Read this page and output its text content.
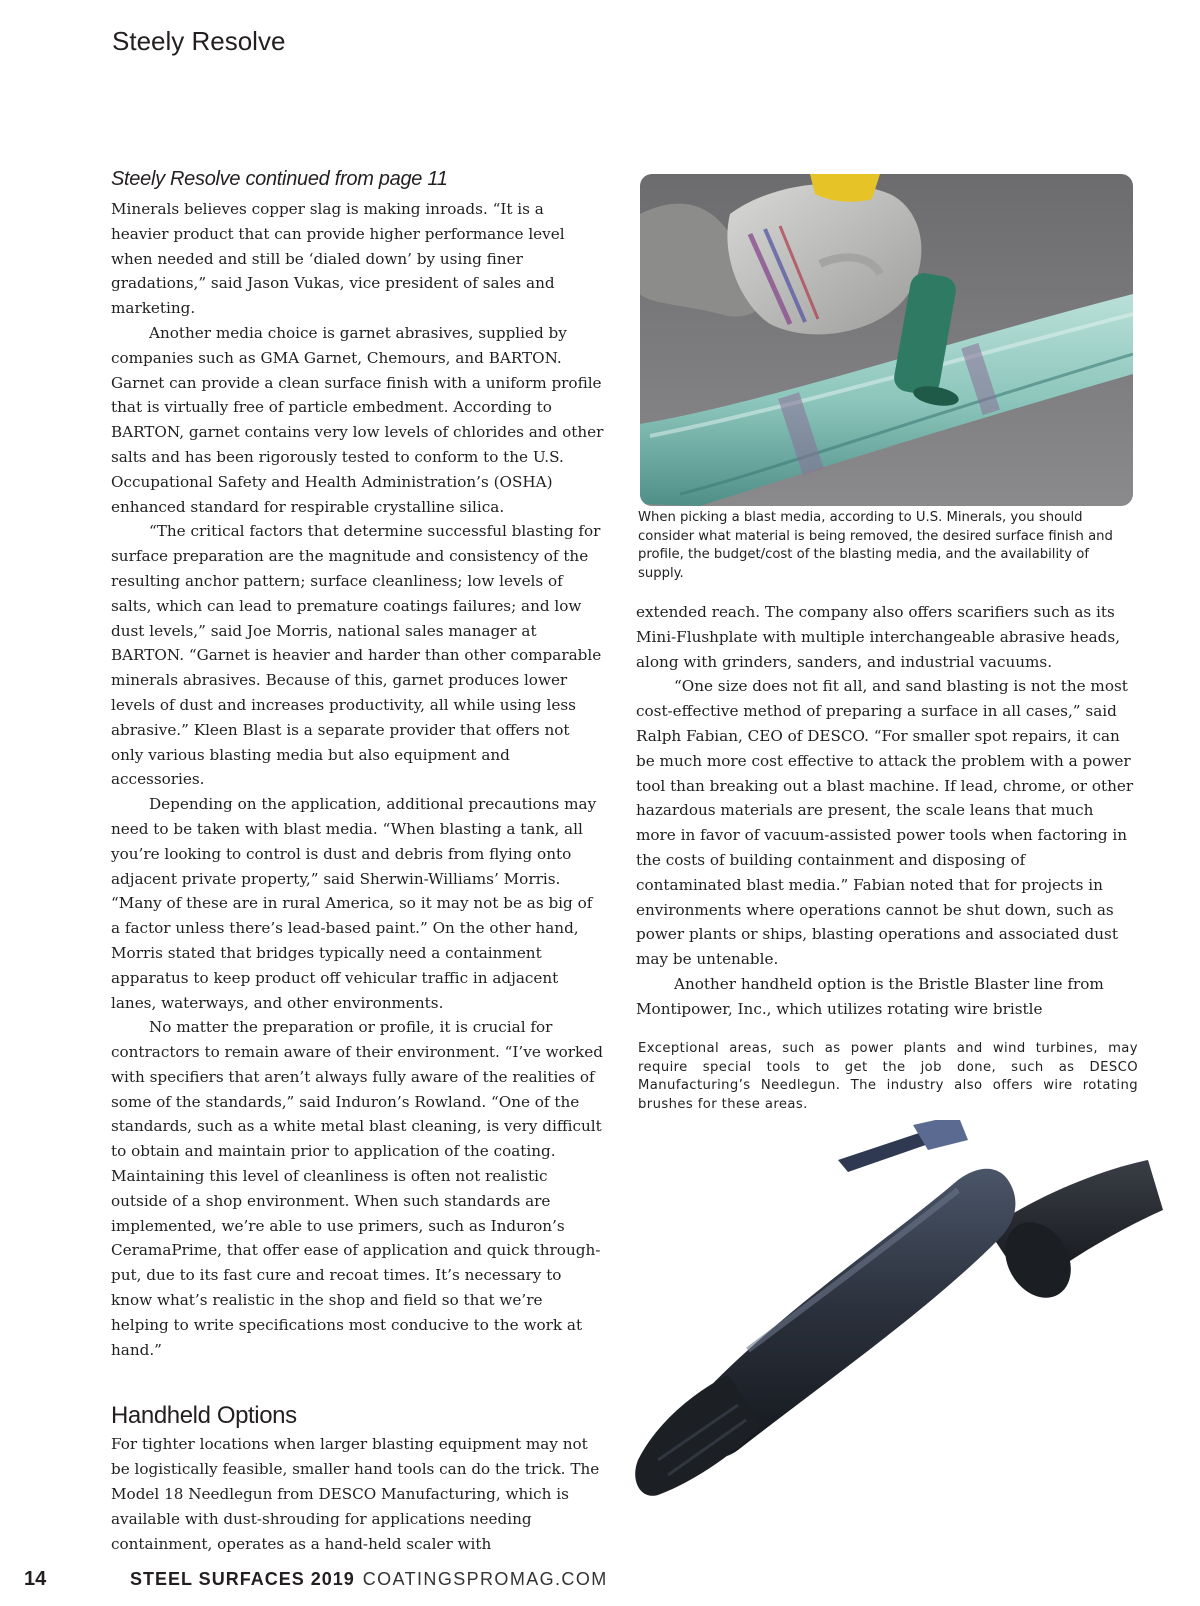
Steely Resolve
Steely Resolve continued from page 11

Minerals believes copper slag is making inroads. “It is a heavier product that can provide higher performance level when needed and still be ‘dialed down’ by using finer gradations,” said Jason Vukas, vice president of sales and marketing.

Another media choice is garnet abrasives, supplied by companies such as GMA Garnet, Chemours, and BARTON. Garnet can provide a clean surface finish with a uniform profile that is virtually free of particle embedment. According to BARTON, garnet contains very low levels of chlorides and other salts and has been rigorously tested to conform to the U.S. Occupational Safety and Health Administration’s (OSHA) enhanced standard for respirable crystalline silica.

“The critical factors that determine successful blasting for surface preparation are the magnitude and consistency of the resulting anchor pattern; surface cleanliness; low levels of salts, which can lead to premature coatings failures; and low dust levels,” said Joe Morris, national sales manager at BARTON. “Garnet is heavier and harder than other comparable minerals abrasives. Because of this, garnet produces lower levels of dust and increases productivity, all while using less abrasive.” Kleen Blast is a separate provider that offers not only various blasting media but also equipment and accessories.

Depending on the application, additional precautions may need to be taken with blast media. “When blasting a tank, all you’re looking to control is dust and debris from flying onto adjacent private property,” said Sherwin-Williams’ Morris. “Many of these are in rural America, so it may not be as big of a factor unless there’s lead-based paint.” On the other hand, Morris stated that bridges typically need a containment apparatus to keep product off vehicular traffic in adjacent lanes, waterways, and other environments.

No matter the preparation or profile, it is crucial for contractors to remain aware of their environment. “I’ve worked with specifiers that aren’t always fully aware of the realities of some of the standards,” said Induron’s Rowland. “One of the standards, such as a white metal blast cleaning, is very difficult to obtain and maintain prior to application of the coating. Maintaining this level of cleanliness is often not realistic outside of a shop environment. When such standards are implemented, we’re able to use primers, such as Induron’s CeramaPrime, that offer ease of application and quick throughput, due to its fast cure and recoat times. It’s necessary to know what’s realistic in the shop and field so that we’re helping to write specifications most conducive to the work at hand.”

Handheld Options

For tighter locations when larger blasting equipment may not be logistically feasible, smaller hand tools can do the trick. The Model 18 Needlegun from DESCO Manufacturing, which is available with dust-shrouding for applications needing containment, operates as a hand-held scaler with

When picking a blast media, according to U.S. Minerals, you should consider what material is being removed, the desired surface finish and profile, the budget/cost of the blasting media, and the availability of supply.

extended reach. The company also offers scarifiers such as its Mini-Flushplate with multiple interchangeable abrasive heads, along with grinders, sanders, and industrial vacuums.

“One size does not fit all, and sand blasting is not the most cost-effective method of preparing a surface in all cases,” said Ralph Fabian, CEO of DESCO. “For smaller spot repairs, it can be much more cost effective to attack the problem with a power tool than breaking out a blast machine. If lead, chrome, or other hazardous materials are present, the scale leans that much more in favor of vacuum-assisted power tools when factoring in the costs of building containment and disposing of contaminated blast media.” Fabian noted that for projects in environments where operations cannot be shut down, such as power plants or ships, blasting operations and associated dust may be untenable.

Another handheld option is the Bristle Blaster line from Montipower, Inc., which utilizes rotating wire bristle

Exceptional areas, such as power plants and wind turbines, may require special tools to get the job done, such as DESCO Manufacturing’s Needlegun. The industry also offers wire rotating brushes for these areas.

14	STEEL SURFACES 2019 COATINGSPROMAG.COM
